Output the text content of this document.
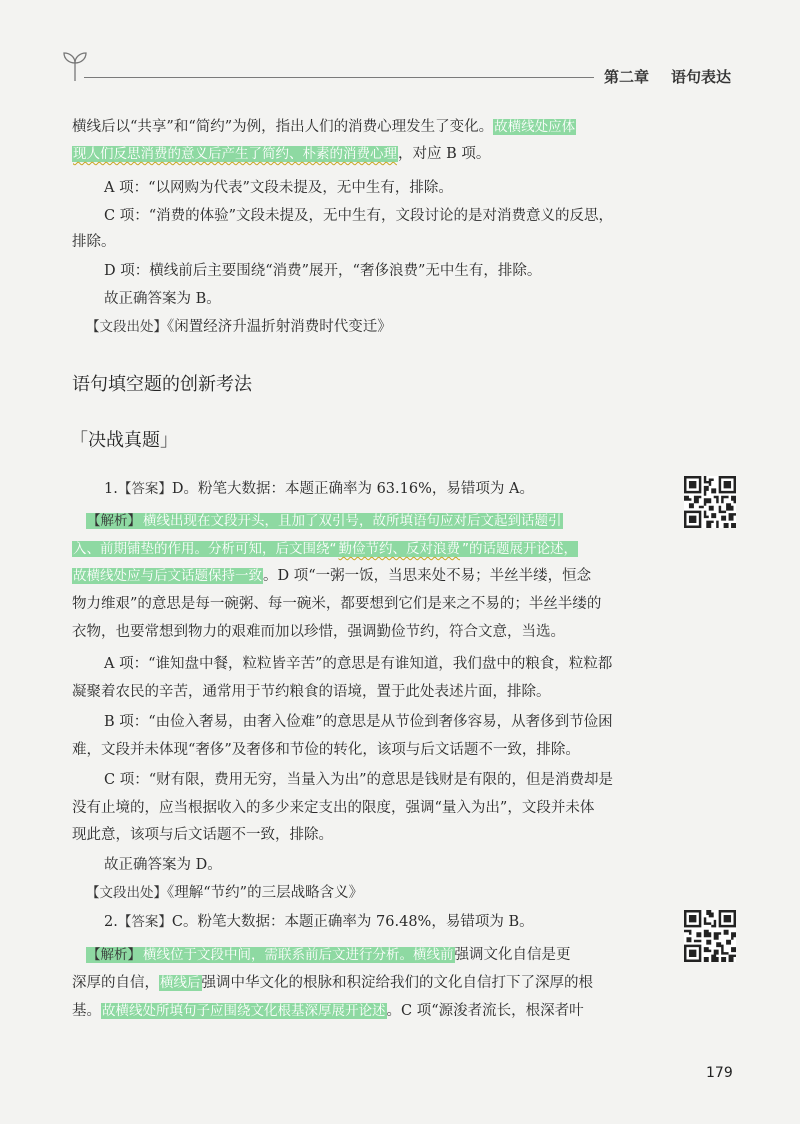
第二章 语句表达
横线后以“共享”和“简约”为例，指出人们的消费心理发生了变化。故横线处应体
现人们反思消费的意义后产生了简约、朴素的消费心理，对应 B 项。
A 项：“以网购为代表”文段未提及，无中生有，排除。
C 项：“消费的体验”文段未提及，无中生有，文段讨论的是对消费意义的反思，
排除。
D 项：横线前后主要围绕“消费”展开，“奢侈浪费”无中生有，排除。
故正确答案为 B。
【文段出处】《闲置经济升温折射消费时代变迁》
语句填空题的创新考法
「决战真题」
1.【答案】D。粉笔大数据：本题正确率为 63.16%，易错项为 A。
【解析】 横线出现在文段开头，且加了双引号，故所填语句应对后文起到话题引
入、前期铺垫的作用。分析可知，后文围绕“ 勤俭节约、反对浪费 ”的话题展开论述，
故横线处应与后文话题保持一致。D 项“一粥一饭，当思来处不易；半丝半缕，恒念
物力维艰”的意思是每一碗粥、每一碗米，都要想到它们是来之不易的；半丝半缕的
衣物，也要常想到物力的艰难而加以珍惜，强调勤俭节约，符合文意，当选。
A 项：“谁知盘中餐，粒粒皆辛苦”的意思是有谁知道，我们盘中的粮食，粒粒都
凝聚着农民的辛苦，通常用于节约粮食的语境，置于此处表述片面，排除。
B 项：“由俭入奢易，由奢入俭难”的意思是从节俭到奢侈容易，从奢侈到节俭困
难，文段并未体现“奢侈”及奢侈和节俭的转化，该项与后文话题不一致，排除。
C 项：“财有限，费用无穷，当量入为出”的意思是钱财是有限的，但是消费却是
没有止境的，应当根据收入的多少来定支出的限度，强调“量入为出”，文段并未体
现此意，该项与后文话题不一致，排除。
故正确答案为 D。
【文段出处】《理解“节约”的三层战略含义》
2.【答案】C。粉笔大数据：本题正确率为 76.48%，易错项为 B。
【解析】 横线位于文段中间，需联系前后文进行分析。横线前强调文化自信是更
深厚的自信，横线后强调中华文化的根脉和积淀给我们的文化自信打下了深厚的根
基。故横线处所填句子应围绕文化根基深厚展开论述。C 项“源浚者流长，根深者叶
179
